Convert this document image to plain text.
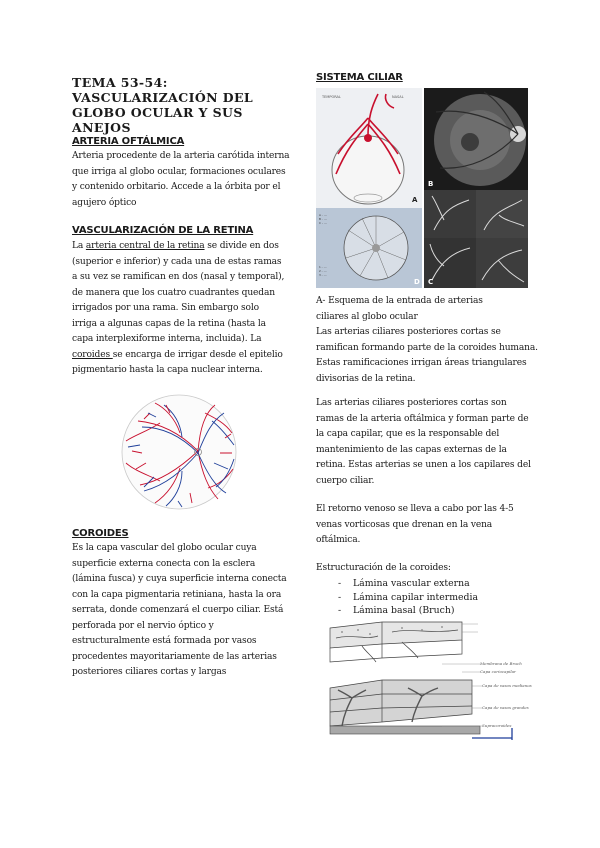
TEMA 53-54:
VASCULARIZACIÓN DEL
GLOBO OCULAR Y SUS ANEJOS
ARTERIA OFTÁLMICA

Arteria procedente de la arteria carótida interna que irriga al globo ocular, formaciones oculares y contenido orbitario. Accede a la órbita por el agujero óptico

VASCULARIZACIÓN DE LA RETINA

La arteria central de la retina se divide en dos (superior e inferior) y cada una de estas ramas a su vez se ramifican en dos (nasal y temporal), de manera que los cuatro cuadrantes quedan irrigados por una rama. Sin embargo solo irriga a algunas capas de la retina (hasta la capa interplexiforme interna, incluida). La coroides se encarga de irrigar desde el epitelio pigmentario hasta la capa nuclear interna.

COROIDES

Es la capa vascular del globo ocular cuya superficie externa conecta con la esclera (lámina fusca) y cuya superficie interna conecta con la capa pigmentaria retiniana, hasta la ora serrata, donde comenzará el cuerpo ciliar. Está perforada por el nervio óptico y estructuralmente está formada por vasos procedentes mayoritariamente de las arterias posteriores ciliares cortas y largas

SISTEMA CILIAR
TEMPORAL	NASAL
A
B
C
A - ....
B - ....
C - ....
1 - ....
2 - ....
3 - ....
D

A- Esquema de la entrada de arterias

ciliares al globo ocular

Las arterias ciliares posteriores cortas se ramifican formando parte de la coroides humana. Estas ramificaciones irrigan áreas triangulares divisorias de la retina.

Las arterias ciliares posteriores cortas son ramas de la arteria oftálmica y forman parte de la capa capilar, que es la responsable del mantenimiento de las capas externas de la retina. Estas arterias se unen a los capilares del cuerpo ciliar.

El retorno venoso se lleva a cabo por las 4-5 venas vorticosas que drenan en la vena oftálmica.

Estructuración de la coroides:

- Lámina vascular externa
- Lámina capilar intermedia
- Lámina basal (Bruch)
Membrana de Bruch
Capa coriocapilar
Capa de vasos medianos
Capa de vasos grandes
Supracoroides
